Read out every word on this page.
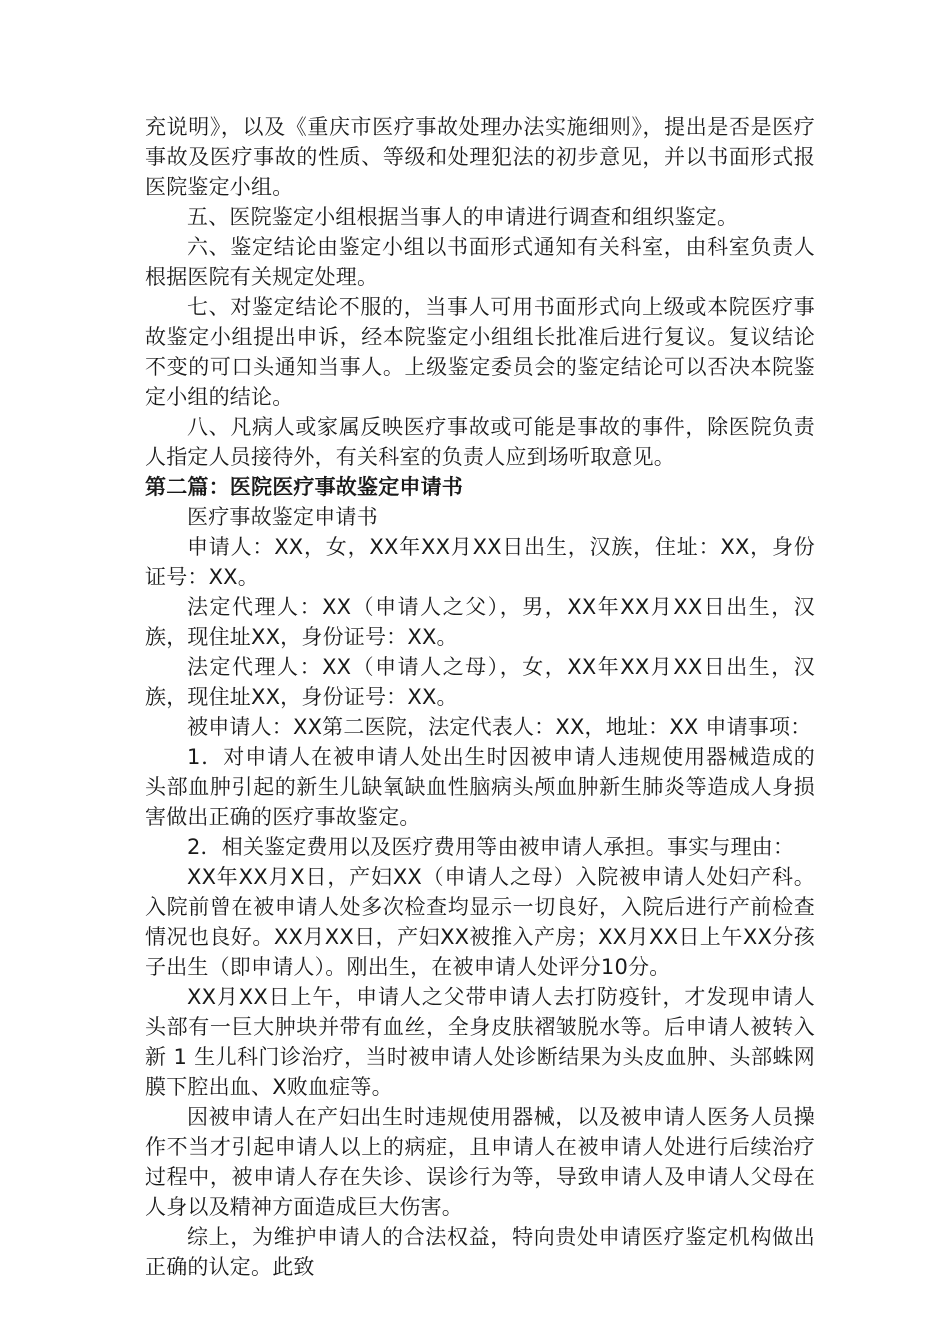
充说明》，以及《重庆市医疗事故处理办法实施细则》，提出是否是医疗事故及医疗事故的性质、等级和处理犯法的初步意见，并以书面形式报医院鉴定小组。

五、医院鉴定小组根据当事人的申请进行调查和组织鉴定。

六、鉴定结论由鉴定小组以书面形式通知有关科室，由科室负责人根据医院有关规定处理。

七、对鉴定结论不服的，当事人可用书面形式向上级或本院医疗事故鉴定小组提出申诉，经本院鉴定小组组长批准后进行复议。复议结论不变的可口头通知当事人。上级鉴定委员会的鉴定结论可以否决本院鉴定小组的结论。

八、凡病人或家属反映医疗事故或可能是事故的事件，除医院负责人指定人员接待外，有关科室的负责人应到场听取意见。

第二篇：医院医疗事故鉴定申请书

医疗事故鉴定申请书

申请人：XX，女，XX年XX月XX日出生，汉族，住址：XX，身份证号：XX。

法定代理人：XX（申请人之父），男，XX年XX月XX日出生，汉族，现住址XX，身份证号：XX。

法定代理人：XX（申请人之母），女，XX年XX月XX日出生，汉族，现住址XX，身份证号：XX。

被申请人：XX第二医院，法定代表人：XX，地址：XX 申请事项：

1．对申请人在被申请人处出生时因被申请人违规使用器械造成的头部血肿引起的新生儿缺氧缺血性脑病头颅血肿新生肺炎等造成人身损害做出正确的医疗事故鉴定。

2．相关鉴定费用以及医疗费用等由被申请人承担。事实与理由：

XX年XX月X日，产妇XX（申请人之母）入院被申请人处妇产科。入院前曾在被申请人处多次检查均显示一切良好，入院后进行产前检查情况也良好。XX月XX日，产妇XX被推入产房；XX月XX日上午XX分孩子出生（即申请人）。刚出生，在被申请人处评分10分。

XX月XX日上午，申请人之父带申请人去打防疫针，才发现申请人头部有一巨大肿块并带有血丝，全身皮肤褶皱脱水等。后申请人被转入新 1 生儿科门诊治疗，当时被申请人处诊断结果为头皮血肿、头部蛛网膜下腔出血、X败血症等。

因被申请人在产妇出生时违规使用器械，以及被申请人医务人员操作不当才引起申请人以上的病症，且申请人在被申请人处进行后续治疗过程中，被申请人存在失诊、误诊行为等，导致申请人及申请人父母在人身以及精神方面造成巨大伤害。

综上，为维护申请人的合法权益，特向贵处申请医疗鉴定机构做出正确的认定。此致
